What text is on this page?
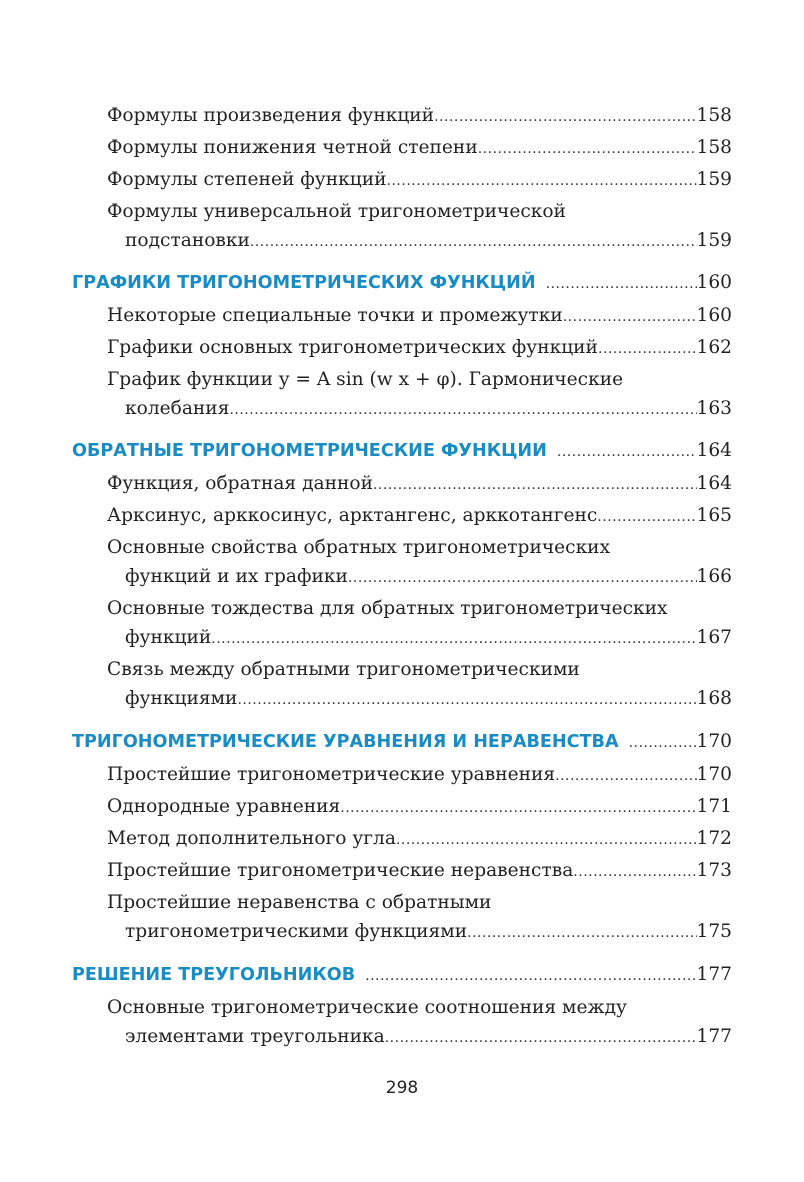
Формулы произведения функций .....	158
Формулы понижения четной степени .....	158
Формулы степеней функций .....	159
Формулы универсальной тригонометрической
подстановки .....	159
ГРАФИКИ ТРИГОНОМЕТРИЧЕСКИХ ФУНКЦИЙ .....	160
Некоторые специальные точки и промежутки .....	160
Графики основных тригонометрических функций .....	162
График функции y = A sin (w x + φ). Гармонические
колебания .....	163
ОБРАТНЫЕ ТРИГОНОМЕТРИЧЕСКИЕ ФУНКЦИИ .....	164
Функция, обратная данной .....	164
Арксинус, арккосинус, арктангенс, арккотангенс .....	165
Основные свойства обратных тригонометрических
функций и их графики .....	166
Основные тождества для обратных тригонометрических
функций .....	167
Связь между обратными тригонометрическими
функциями .....	168
ТРИГОНОМЕТРИЧЕСКИЕ УРАВНЕНИЯ И НЕРАВЕНСТВА .....	170
Простейшие тригонометрические уравнения .....	170
Однородные уравнения .....	171
Метод дополнительного угла .....	172
Простейшие тригонометрические неравенства .....	173
Простейшие неравенства с обратными
тригонометрическими функциями .....	175
РЕШЕНИЕ ТРЕУГОЛЬНИКОВ .....	177
Основные тригонометрические соотношения между
элементами треугольника .....	177
298
